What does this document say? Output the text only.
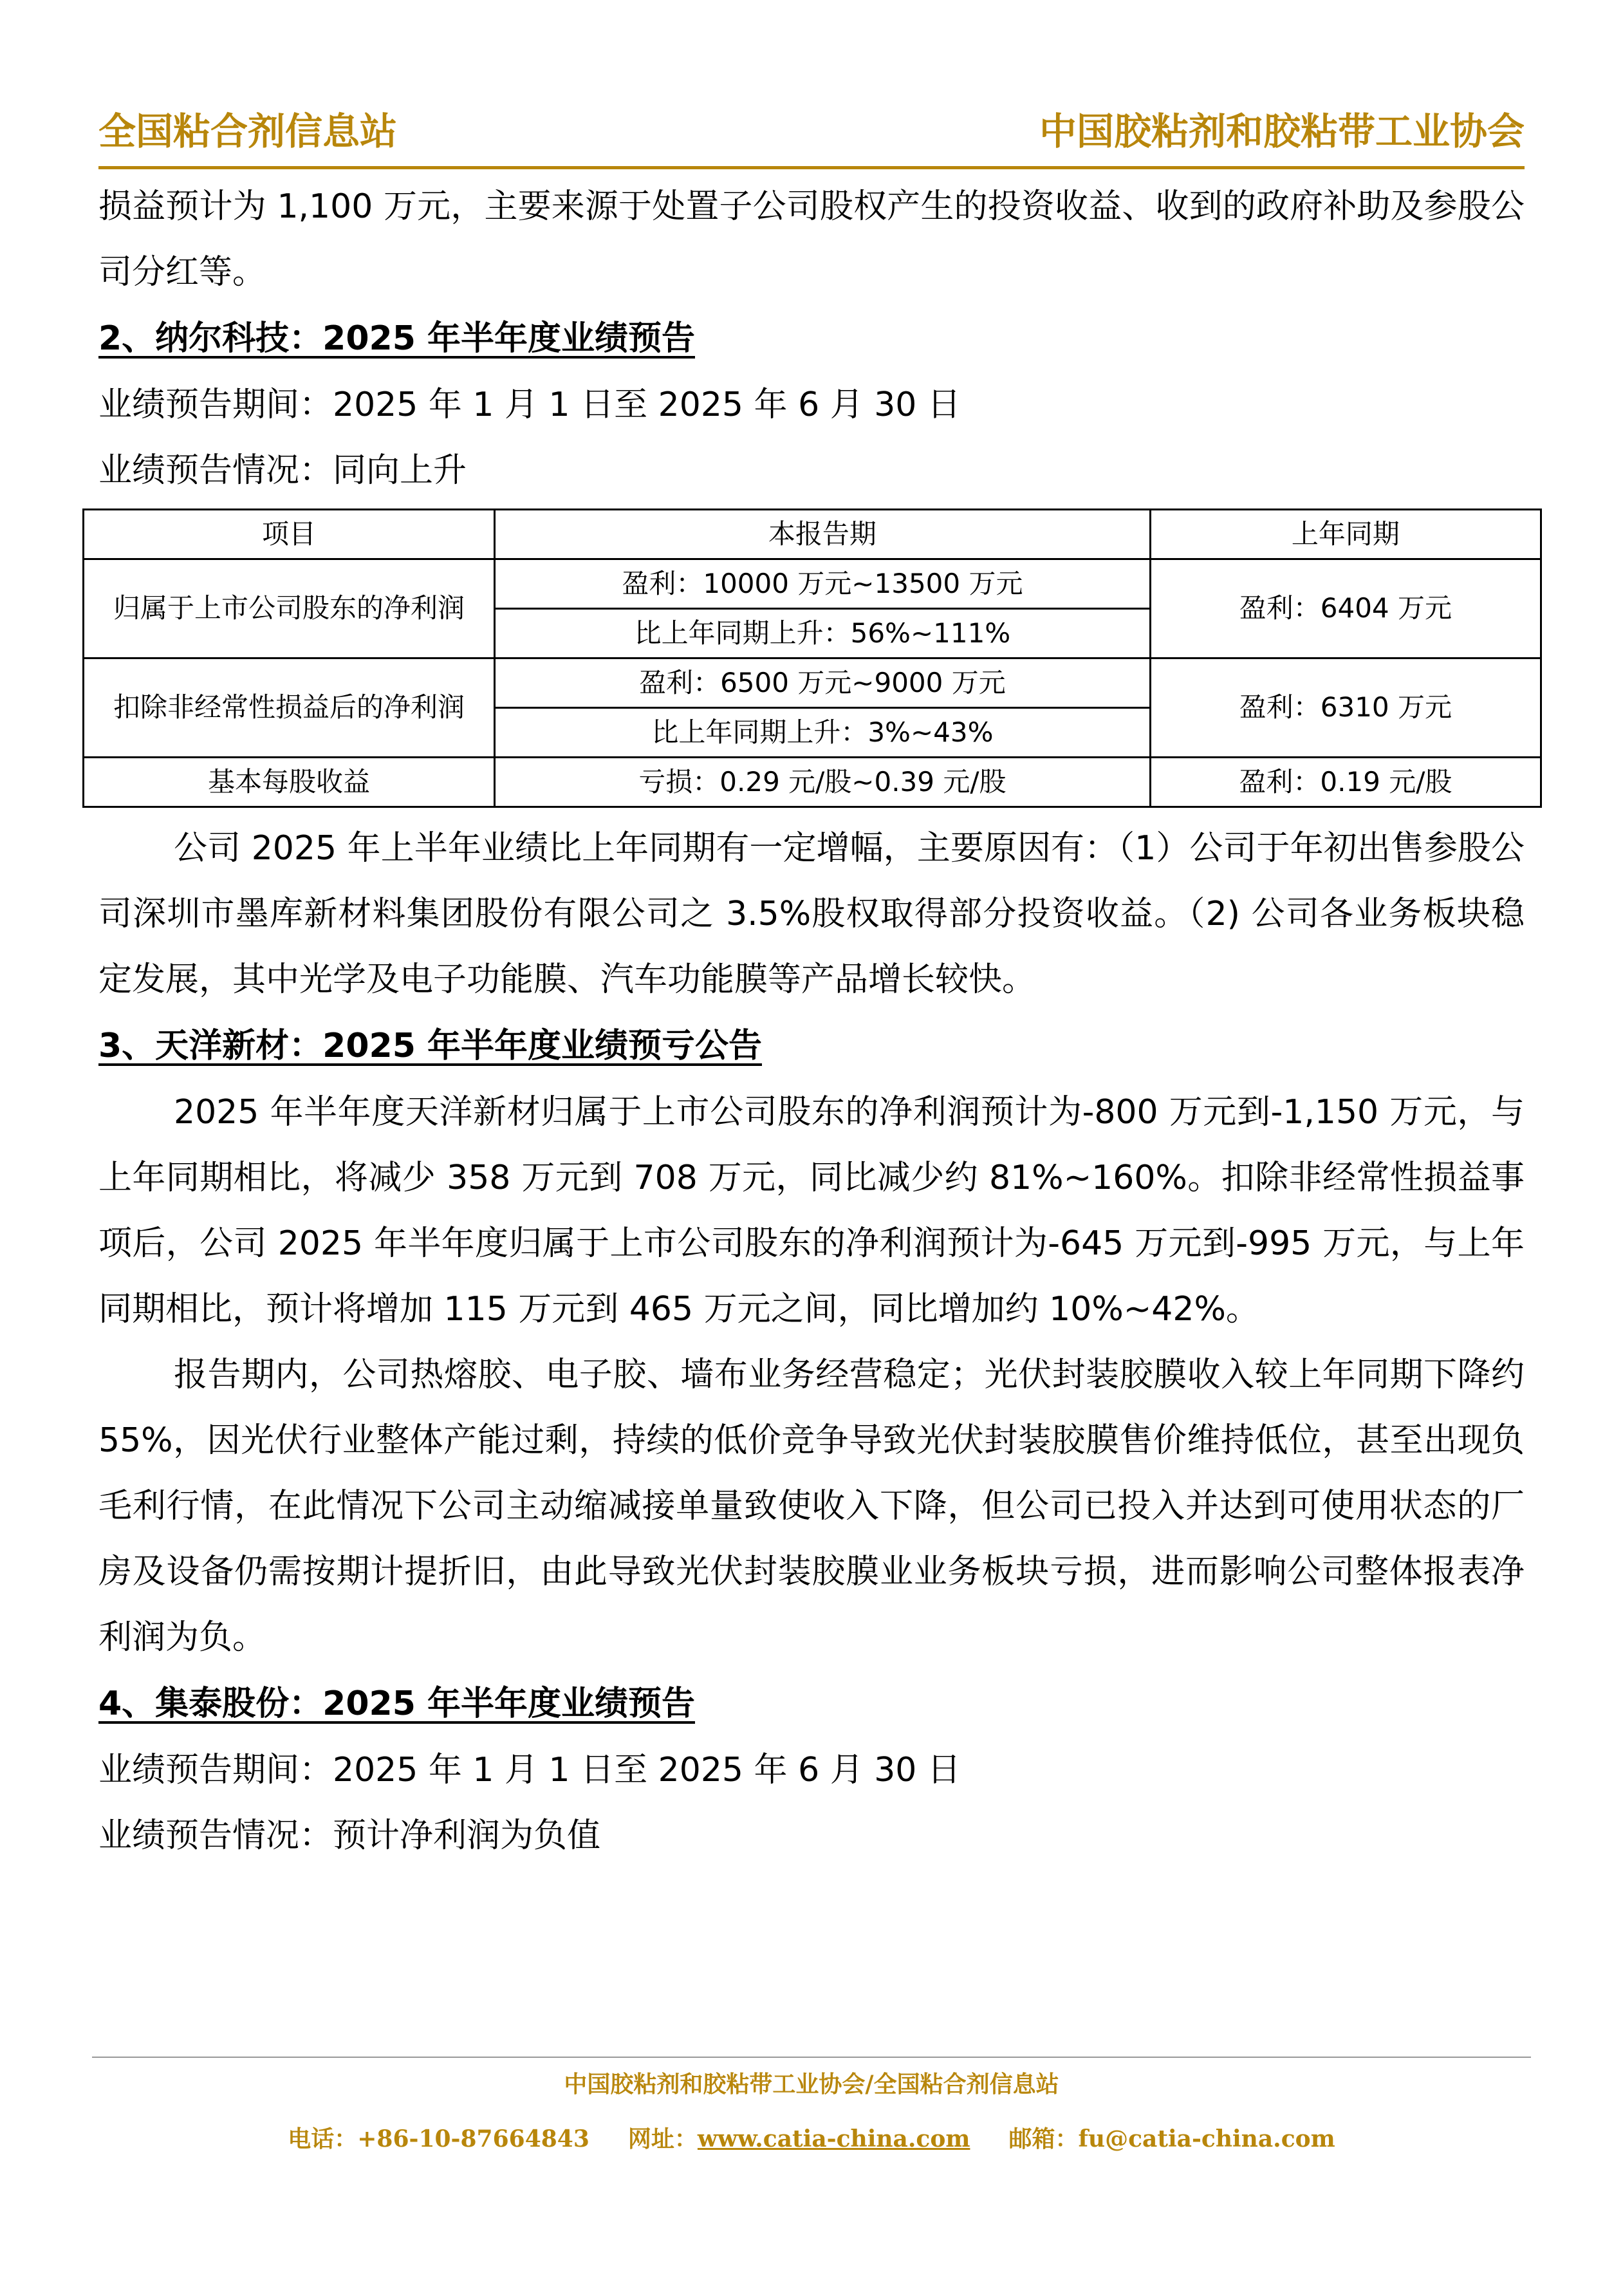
全国粘合剂信息站	中国胶粘剂和胶粘带工业协会

损益预计为 1,100 万元，主要来源于处置子公司股权产生的投资收益、收到的政府补助及参股公司分红等。

2、纳尔科技：2025 年半年度业绩预告

业绩预告期间：2025 年 1 月 1 日至 2025 年 6 月 30 日

业绩预告情况：同向上升

项目	本报告期	上年同期
归属于上市公司股东的净利润	盈利：10000 万元~13500 万元	盈利：6404 万元
	比上年同期上升：56%~111%	
扣除非经常性损益后的净利润	盈利：6500 万元~9000 万元	盈利：6310 万元
	比上年同期上升：3%~43%	
基本每股收益	亏损：0.29 元/股~0.39 元/股	盈利：0.19 元/股

公司 2025 年上半年业绩比上年同期有一定增幅，主要原因有：（1）公司于年初出售参股公司深圳市墨库新材料集团股份有限公司之 3.5%股权取得部分投资收益。（2) 公司各业务板块稳定发展，其中光学及电子功能膜、汽车功能膜等产品增长较快。

3、天洋新材：2025 年半年度业绩预亏公告

2025 年半年度天洋新材归属于上市公司股东的净利润预计为-800 万元到-1,150 万元，与上年同期相比，将减少 358 万元到 708 万元，同比减少约 81%~160%。扣除非经常性损益事项后，公司 2025 年半年度归属于上市公司股东的净利润预计为-645 万元到-995 万元，与上年同期相比，预计将增加 115 万元到 465 万元之间，同比增加约 10%~42%。

报告期内，公司热熔胶、电子胶、墙布业务经营稳定；光伏封装胶膜收入较上年同期下降约 55%，因光伏行业整体产能过剩，持续的低价竞争导致光伏封装胶膜售价维持低位，甚至出现负毛利行情，在此情况下公司主动缩减接单量致使收入下降，但公司已投入并达到可使用状态的厂房及设备仍需按期计提折旧，由此导致光伏封装胶膜业业务板块亏损，进而影响公司整体报表净利润为负。

4、集泰股份：2025 年半年度业绩预告

业绩预告期间：2025 年 1 月 1 日至 2025 年 6 月 30 日

业绩预告情况：预计净利润为负值

中国胶粘剂和胶粘带工业协会/全国粘合剂信息站
电话：+86-10-87664843 网址：www.catia-china.com 邮箱：fu@catia-china.com
